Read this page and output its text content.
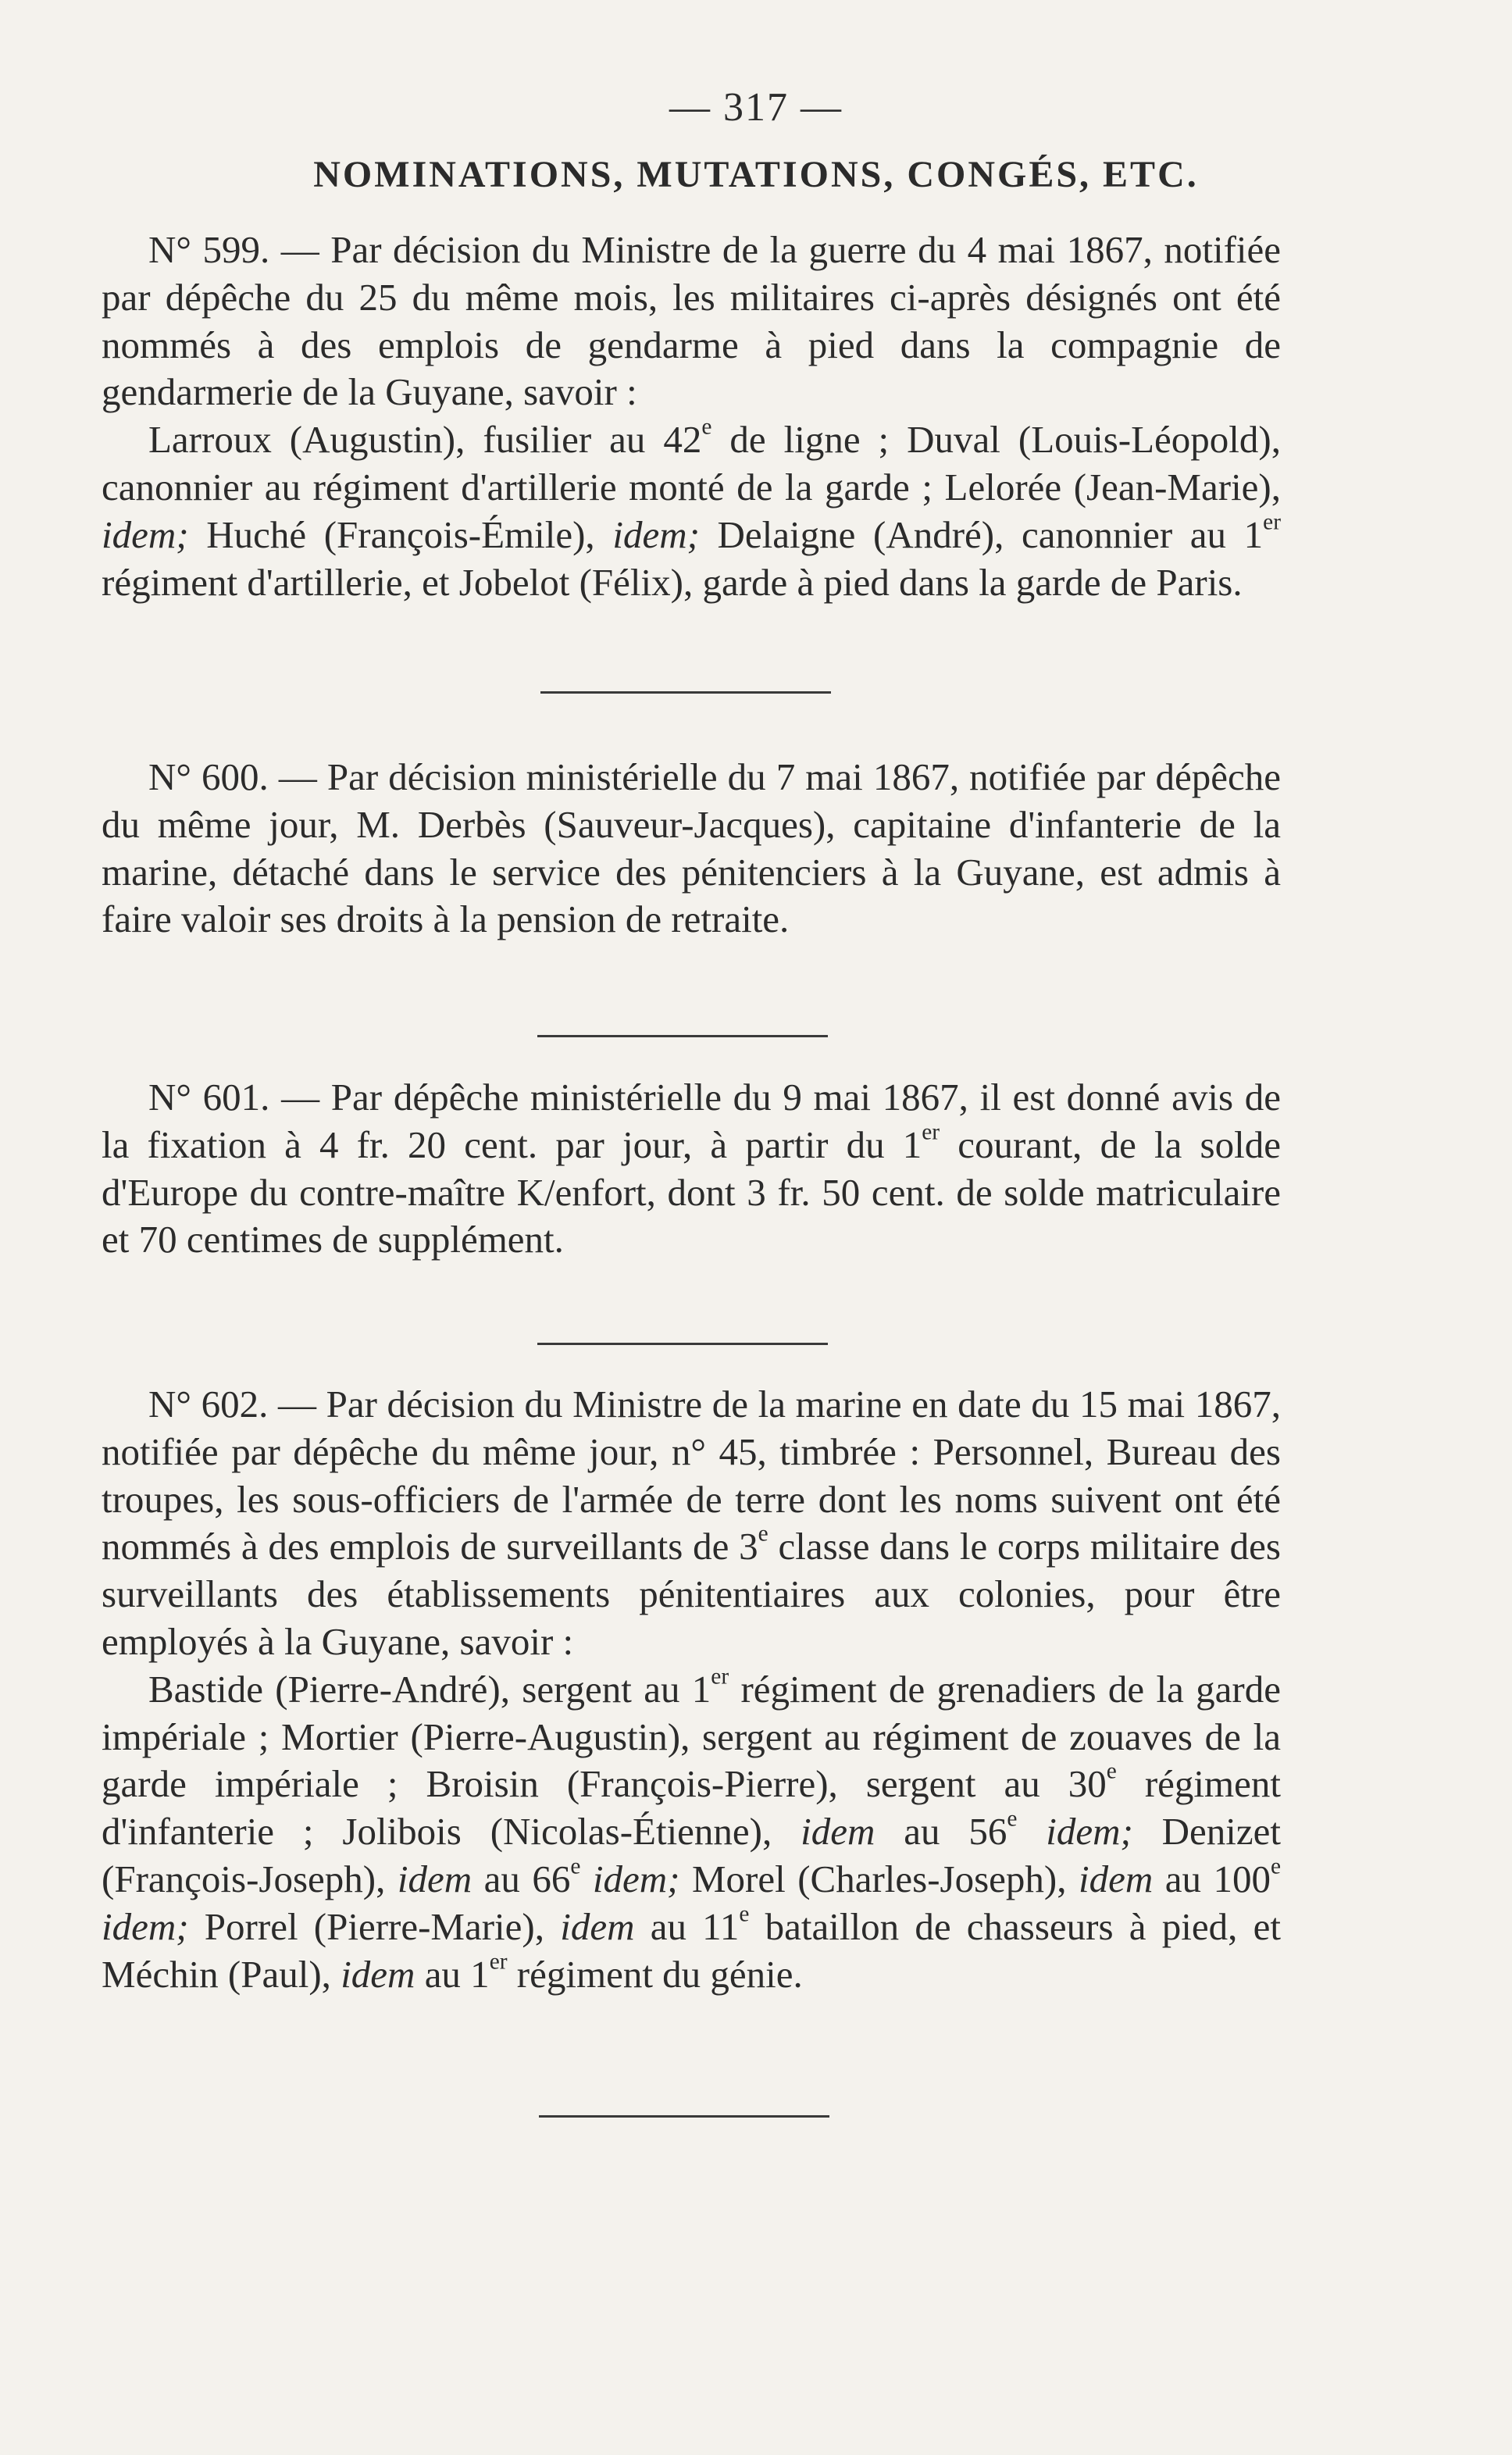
— 317 —
NOMINATIONS, MUTATIONS, CONGÉS, ETC.

N° 599. — Par décision du Ministre de la guerre du 4 mai 1867, notifiée par dépêche du 25 du même mois, les militaires ci-après désignés ont été nommés à des emplois de gendarme à pied dans la compagnie de gendarmerie de la Guyane, savoir :

Larroux (Augustin), fusilier au 42e de ligne ; Duval (Louis-Léopold), canonnier au régiment d'artillerie monté de la garde ; Lelorée (Jean-Marie), idem; Huché (François-Émile), idem; Delaigne (André), canonnier au 1er régiment d'artillerie, et Jobelot (Félix), garde à pied dans la garde de Paris.

N° 600. — Par décision ministérielle du 7 mai 1867, notifiée par dépêche du même jour, M. Derbès (Sauveur-Jacques), capitaine d'infanterie de la marine, détaché dans le service des pénitenciers à la Guyane, est admis à faire valoir ses droits à la pension de retraite.

N° 601. — Par dépêche ministérielle du 9 mai 1867, il est donné avis de la fixation à 4 fr. 20 cent. par jour, à partir du 1er courant, de la solde d'Europe du contre-maître K/enfort, dont 3 fr. 50 cent. de solde matriculaire et 70 centimes de supplément.

N° 602. — Par décision du Ministre de la marine en date du 15 mai 1867, notifiée par dépêche du même jour, n° 45, timbrée : Personnel, Bureau des troupes, les sous-officiers de l'armée de terre dont les noms suivent ont été nommés à des emplois de surveillants de 3e classe dans le corps militaire des surveillants des établissements pénitentiaires aux colonies, pour être employés à la Guyane, savoir :

Bastide (Pierre-André), sergent au 1er régiment de grenadiers de la garde impériale ; Mortier (Pierre-Augustin), sergent au régiment de zouaves de la garde impériale ; Broisin (François-Pierre), sergent au 30e régiment d'infanterie ; Jolibois (Nicolas-Étienne), idem au 56e idem; Denizet (François-Joseph), idem au 66e idem; Morel (Charles-Joseph), idem au 100e idem; Porrel (Pierre-Marie), idem au 11e bataillon de chasseurs à pied, et Méchin (Paul), idem au 1er régiment du génie.
